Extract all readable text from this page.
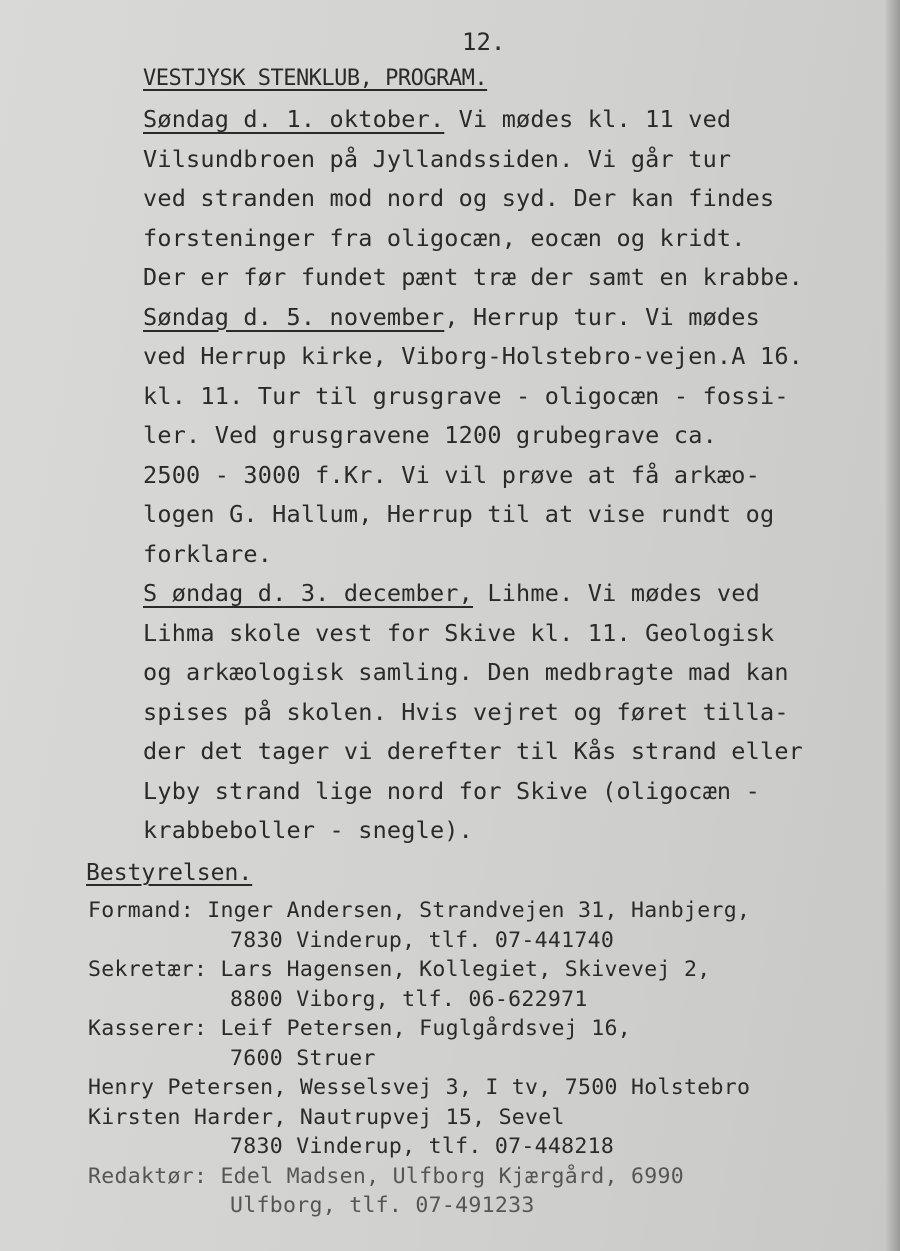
12.
VESTJYSK STENKLUB, PROGRAM.
Søndag d. 1. oktober. Vi mødes kl. 11 ved
Vilsundbroen på Jyllandssiden. Vi går tur
ved stranden mod nord og syd. Der kan findes
forsteninger fra oligocæn, eocæn og kridt.
Der er før fundet pænt træ der samt en krabbe.
Søndag d. 5. november, Herrup tur. Vi mødes
ved Herrup kirke, Viborg-Holstebro-vejen.A 16.
kl. 11. Tur til grusgrave - oligocæn - fossi-
ler. Ved grusgravene 1200 grubegrave ca.
2500 - 3000 f.Kr. Vi vil prøve at få arkæo-
logen G. Hallum, Herrup til at vise rundt og
forklare.
S øndag d. 3. december, Lihme. Vi mødes ved
Lihma skole vest for Skive kl. 11. Geologisk
og arkæologisk samling. Den medbragte mad kan
spises på skolen. Hvis vejret og føret tilla-
der det tager vi derefter til Kås strand eller
Lyby strand lige nord for Skive (oligocæn -
krabbeboller - snegle).
Bestyrelsen.
Formand: Inger Andersen, Strandvejen 31, Hanbjerg,
7830 Vinderup, tlf. 07-441740
Sekretær: Lars Hagensen, Kollegiet, Skivevej 2,
8800 Viborg, tlf. 06-622971
Kasserer: Leif Petersen, Fuglgårdsvej 16,
7600 Struer
Henry Petersen, Wesselsvej 3, I tv, 7500 Holstebro
Kirsten Harder, Nautrupvej 15, Sevel
7830 Vinderup, tlf. 07-448218
Redaktør: Edel Madsen, Ulfborg Kjærgård, 6990
Ulfborg, tlf. 07-491233
